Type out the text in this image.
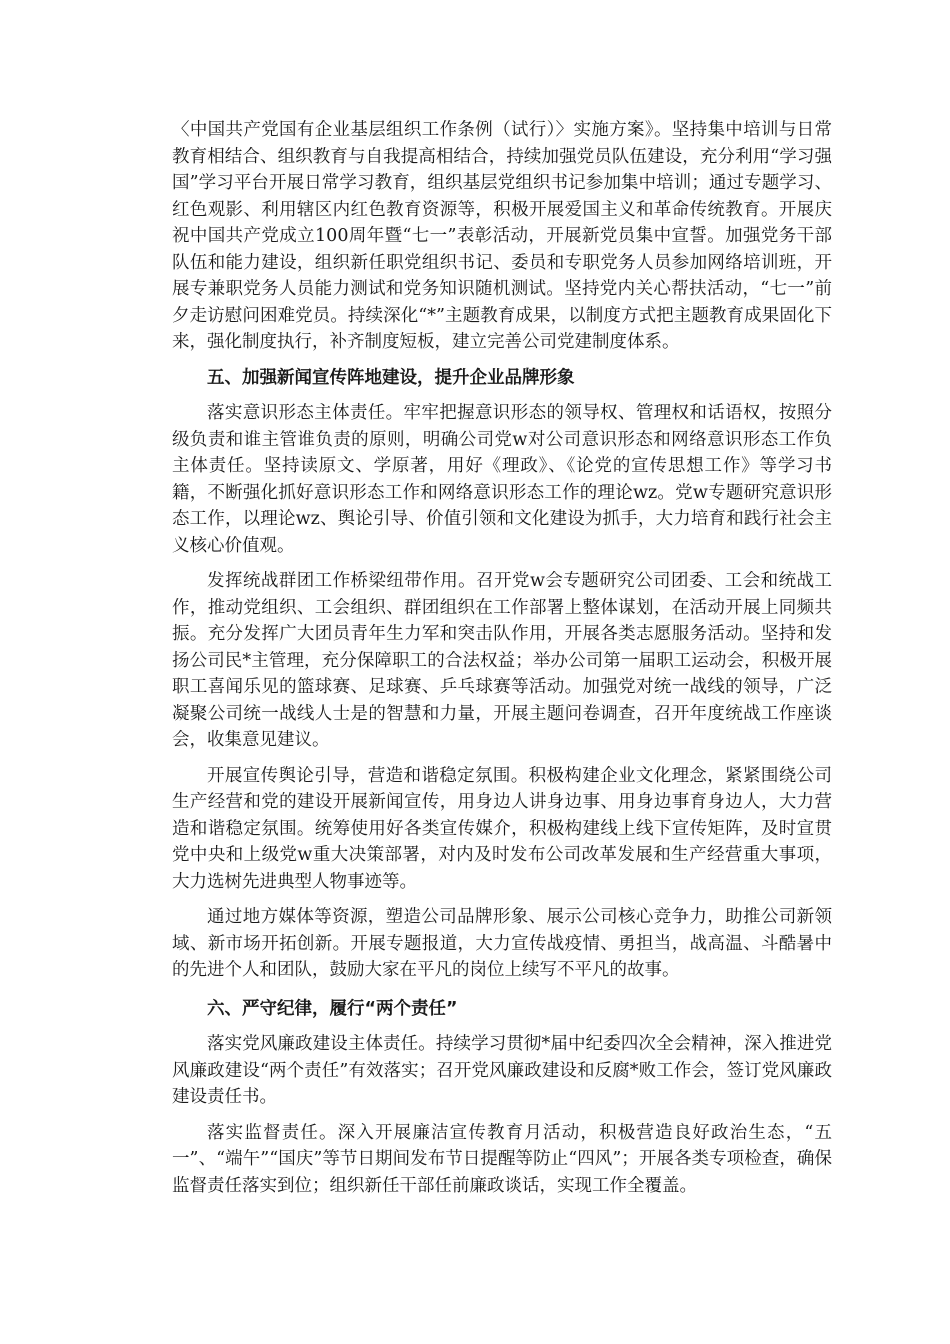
〈中国共产党国有企业基层组织工作条例（试行）〉实施方案》。坚持集中培训与日常教育相结合、组织教育与自我提高相结合，持续加强党员队伍建设，充分利用“学习强国”学习平台开展日常学习教育，组织基层党组织书记参加集中培训；通过专题学习、红色观影、利用辖区内红色教育资源等，积极开展爱国主义和革命传统教育。开展庆祝中国共产党成立100周年暨“七一”表彰活动，开展新党员集中宣誓。加强党务干部队伍和能力建设，组织新任职党组织书记、委员和专职党务人员参加网络培训班，开展专兼职党务人员能力测试和党务知识随机测试。坚持党内关心帮扶活动，“七一”前夕走访慰问困难党员。持续深化“*”主题教育成果，以制度方式把主题教育成果固化下来，强化制度执行，补齐制度短板，建立完善公司党建制度体系。

五、加强新闻宣传阵地建设，提升企业品牌形象

落实意识形态主体责任。牢牢把握意识形态的领导权、管理权和话语权，按照分级负责和谁主管谁负责的原则，明确公司党w对公司意识形态和网络意识形态工作负主体责任。坚持读原文、学原著，用好《理政》、《论党的宣传思想工作》等学习书籍，不断强化抓好意识形态工作和网络意识形态工作的理论wz。党w专题研究意识形态工作，以理论wz、舆论引导、价值引领和文化建设为抓手，大力培育和践行社会主义核心价值观。

发挥统战群团工作桥梁纽带作用。召开党w会专题研究公司团委、工会和统战工作，推动党组织、工会组织、群团组织在工作部署上整体谋划，在活动开展上同频共振。充分发挥广大团员青年生力军和突击队作用，开展各类志愿服务活动。坚持和发扬公司民*主管理，充分保障职工的合法权益；举办公司第一届职工运动会，积极开展职工喜闻乐见的篮球赛、足球赛、乒乓球赛等活动。加强党对统一战线的领导，广泛凝聚公司统一战线人士是的智慧和力量，开展主题问卷调查，召开年度统战工作座谈会，收集意见建议。

开展宣传舆论引导，营造和谐稳定氛围。积极构建企业文化理念，紧紧围绕公司生产经营和党的建设开展新闻宣传，用身边人讲身边事、用身边事育身边人，大力营造和谐稳定氛围。统筹使用好各类宣传媒介，积极构建线上线下宣传矩阵，及时宣贯党中央和上级党w重大决策部署，对内及时发布公司改革发展和生产经营重大事项，大力选树先进典型人物事迹等。

通过地方媒体等资源，塑造公司品牌形象、展示公司核心竞争力，助推公司新领域、新市场开拓创新。开展专题报道，大力宣传战疫情、勇担当，战高温、斗酷暑中的先进个人和团队，鼓励大家在平凡的岗位上续写不平凡的故事。

六、严守纪律，履行“两个责任”

落实党风廉政建设主体责任。持续学习贯彻*届中纪委四次全会精神，深入推进党风廉政建设“两个责任”有效落实；召开党风廉政建设和反腐*败工作会，签订党风廉政建设责任书。

落实监督责任。深入开展廉洁宣传教育月活动，积极营造良好政治生态，“五一”、“端午”“国庆”等节日期间发布节日提醒等防止“四风”；开展各类专项检查，确保监督责任落实到位；组织新任干部任前廉政谈话，实现工作全覆盖。
